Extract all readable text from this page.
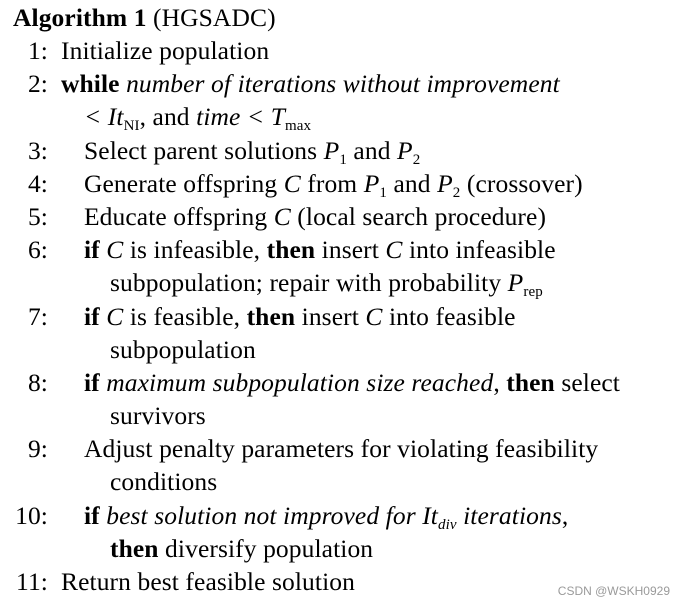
Algorithm 1 (HGSADC)
1: Initialize population
2: while number of iterations without improvement
< $It_{NI}$, and time < $T_{max}$
3: Select parent solutions $P_1$ and $P_2$
4: Generate offspring C from $P_1$ and $P_2$ (crossover)
5: Educate offspring C (local search procedure)
6: if C is infeasible, then insert C into infeasible
subpopulation; repair with probability $P_{rep}$
7: if C is feasible, then insert C into feasible
subpopulation
8: if maximum subpopulation size reached, then select
survivors
9: Adjust penalty parameters for violating feasibility
conditions
10: if best solution not improved for $It_{div}$ iterations,
then diversify population
11: Return best feasible solution	CSDN @WSKH0929
